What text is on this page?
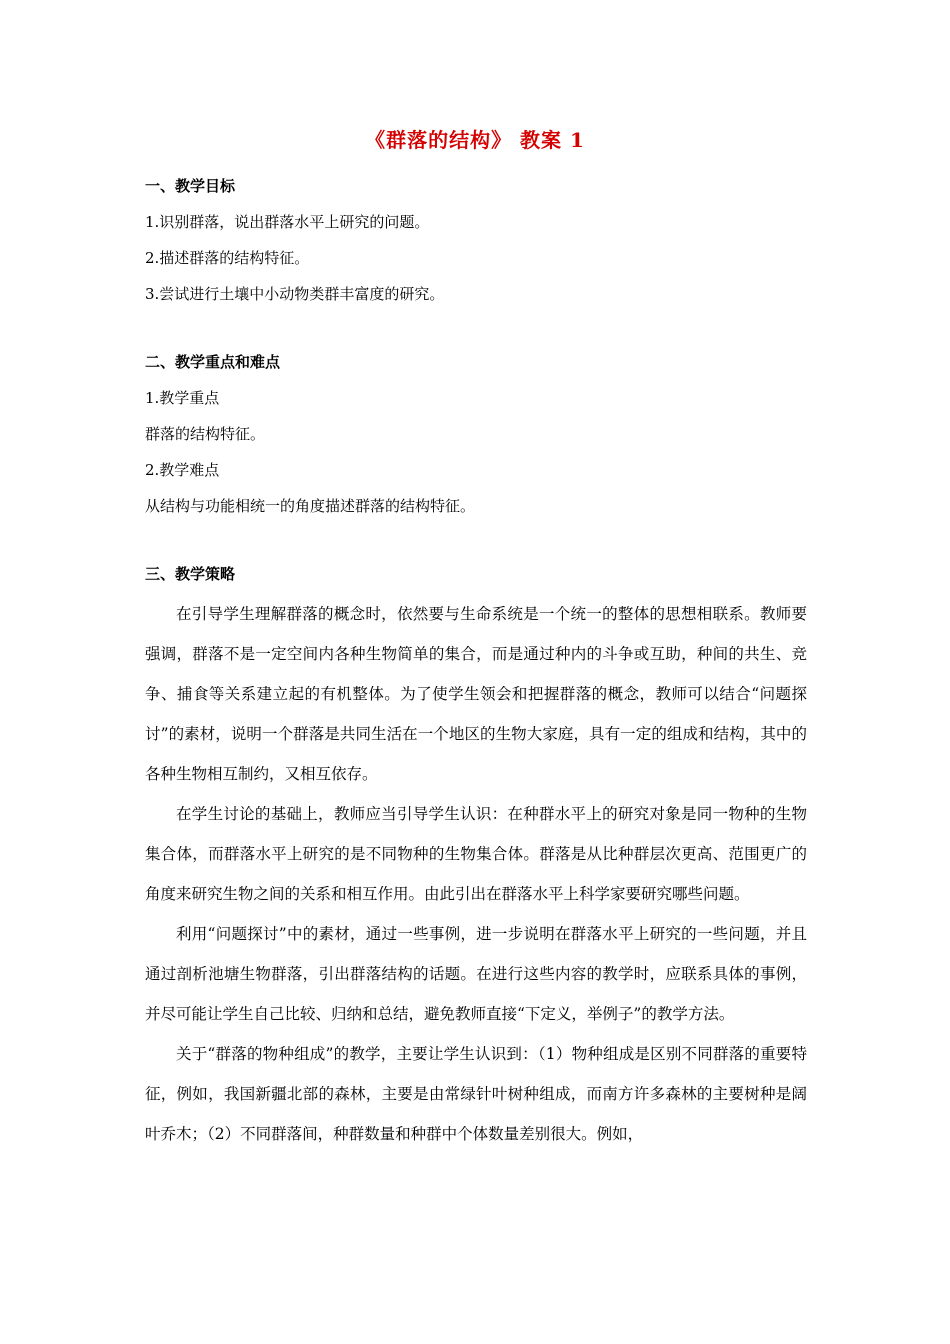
《群落的结构》 教案 1

一、教学目标

1.识别群落，说出群落水平上研究的问题。

2.描述群落的结构特征。

3.尝试进行土壤中小动物类群丰富度的研究。

二、教学重点和难点

1.教学重点

群落的结构特征。

2.教学难点

从结构与功能相统一的角度描述群落的结构特征。

三、教学策略

在引导学生理解群落的概念时，依然要与生命系统是一个统一的整体的思想相联系。教师要强调，群落不是一定空间内各种生物简单的集合，而是通过种内的斗争或互助，种间的共生、竞争、捕食等关系建立起的有机整体。为了使学生领会和把握群落的概念，教师可以结合“问题探讨”的素材，说明一个群落是共同生活在一个地区的生物大家庭，具有一定的组成和结构，其中的各种生物相互制约，又相互依存。

在学生讨论的基础上，教师应当引导学生认识：在种群水平上的研究对象是同一物种的生物集合体，而群落水平上研究的是不同物种的生物集合体。群落是从比种群层次更高、范围更广的角度来研究生物之间的关系和相互作用。由此引出在群落水平上科学家要研究哪些问题。

利用“问题探讨”中的素材，通过一些事例，进一步说明在群落水平上研究的一些问题，并且通过剖析池塘生物群落，引出群落结构的话题。在进行这些内容的教学时，应联系具体的事例，并尽可能让学生自己比较、归纳和总结，避免教师直接“下定义，举例子”的教学方法。

关于“群落的物种组成”的教学，主要让学生认识到：（1）物种组成是区别不同群落的重要特征，例如，我国新疆北部的森林，主要是由常绿针叶树种组成，而南方许多森林的主要树种是阔叶乔木；（2）不同群落间，种群数量和种群中个体数量差别很大。例如，
